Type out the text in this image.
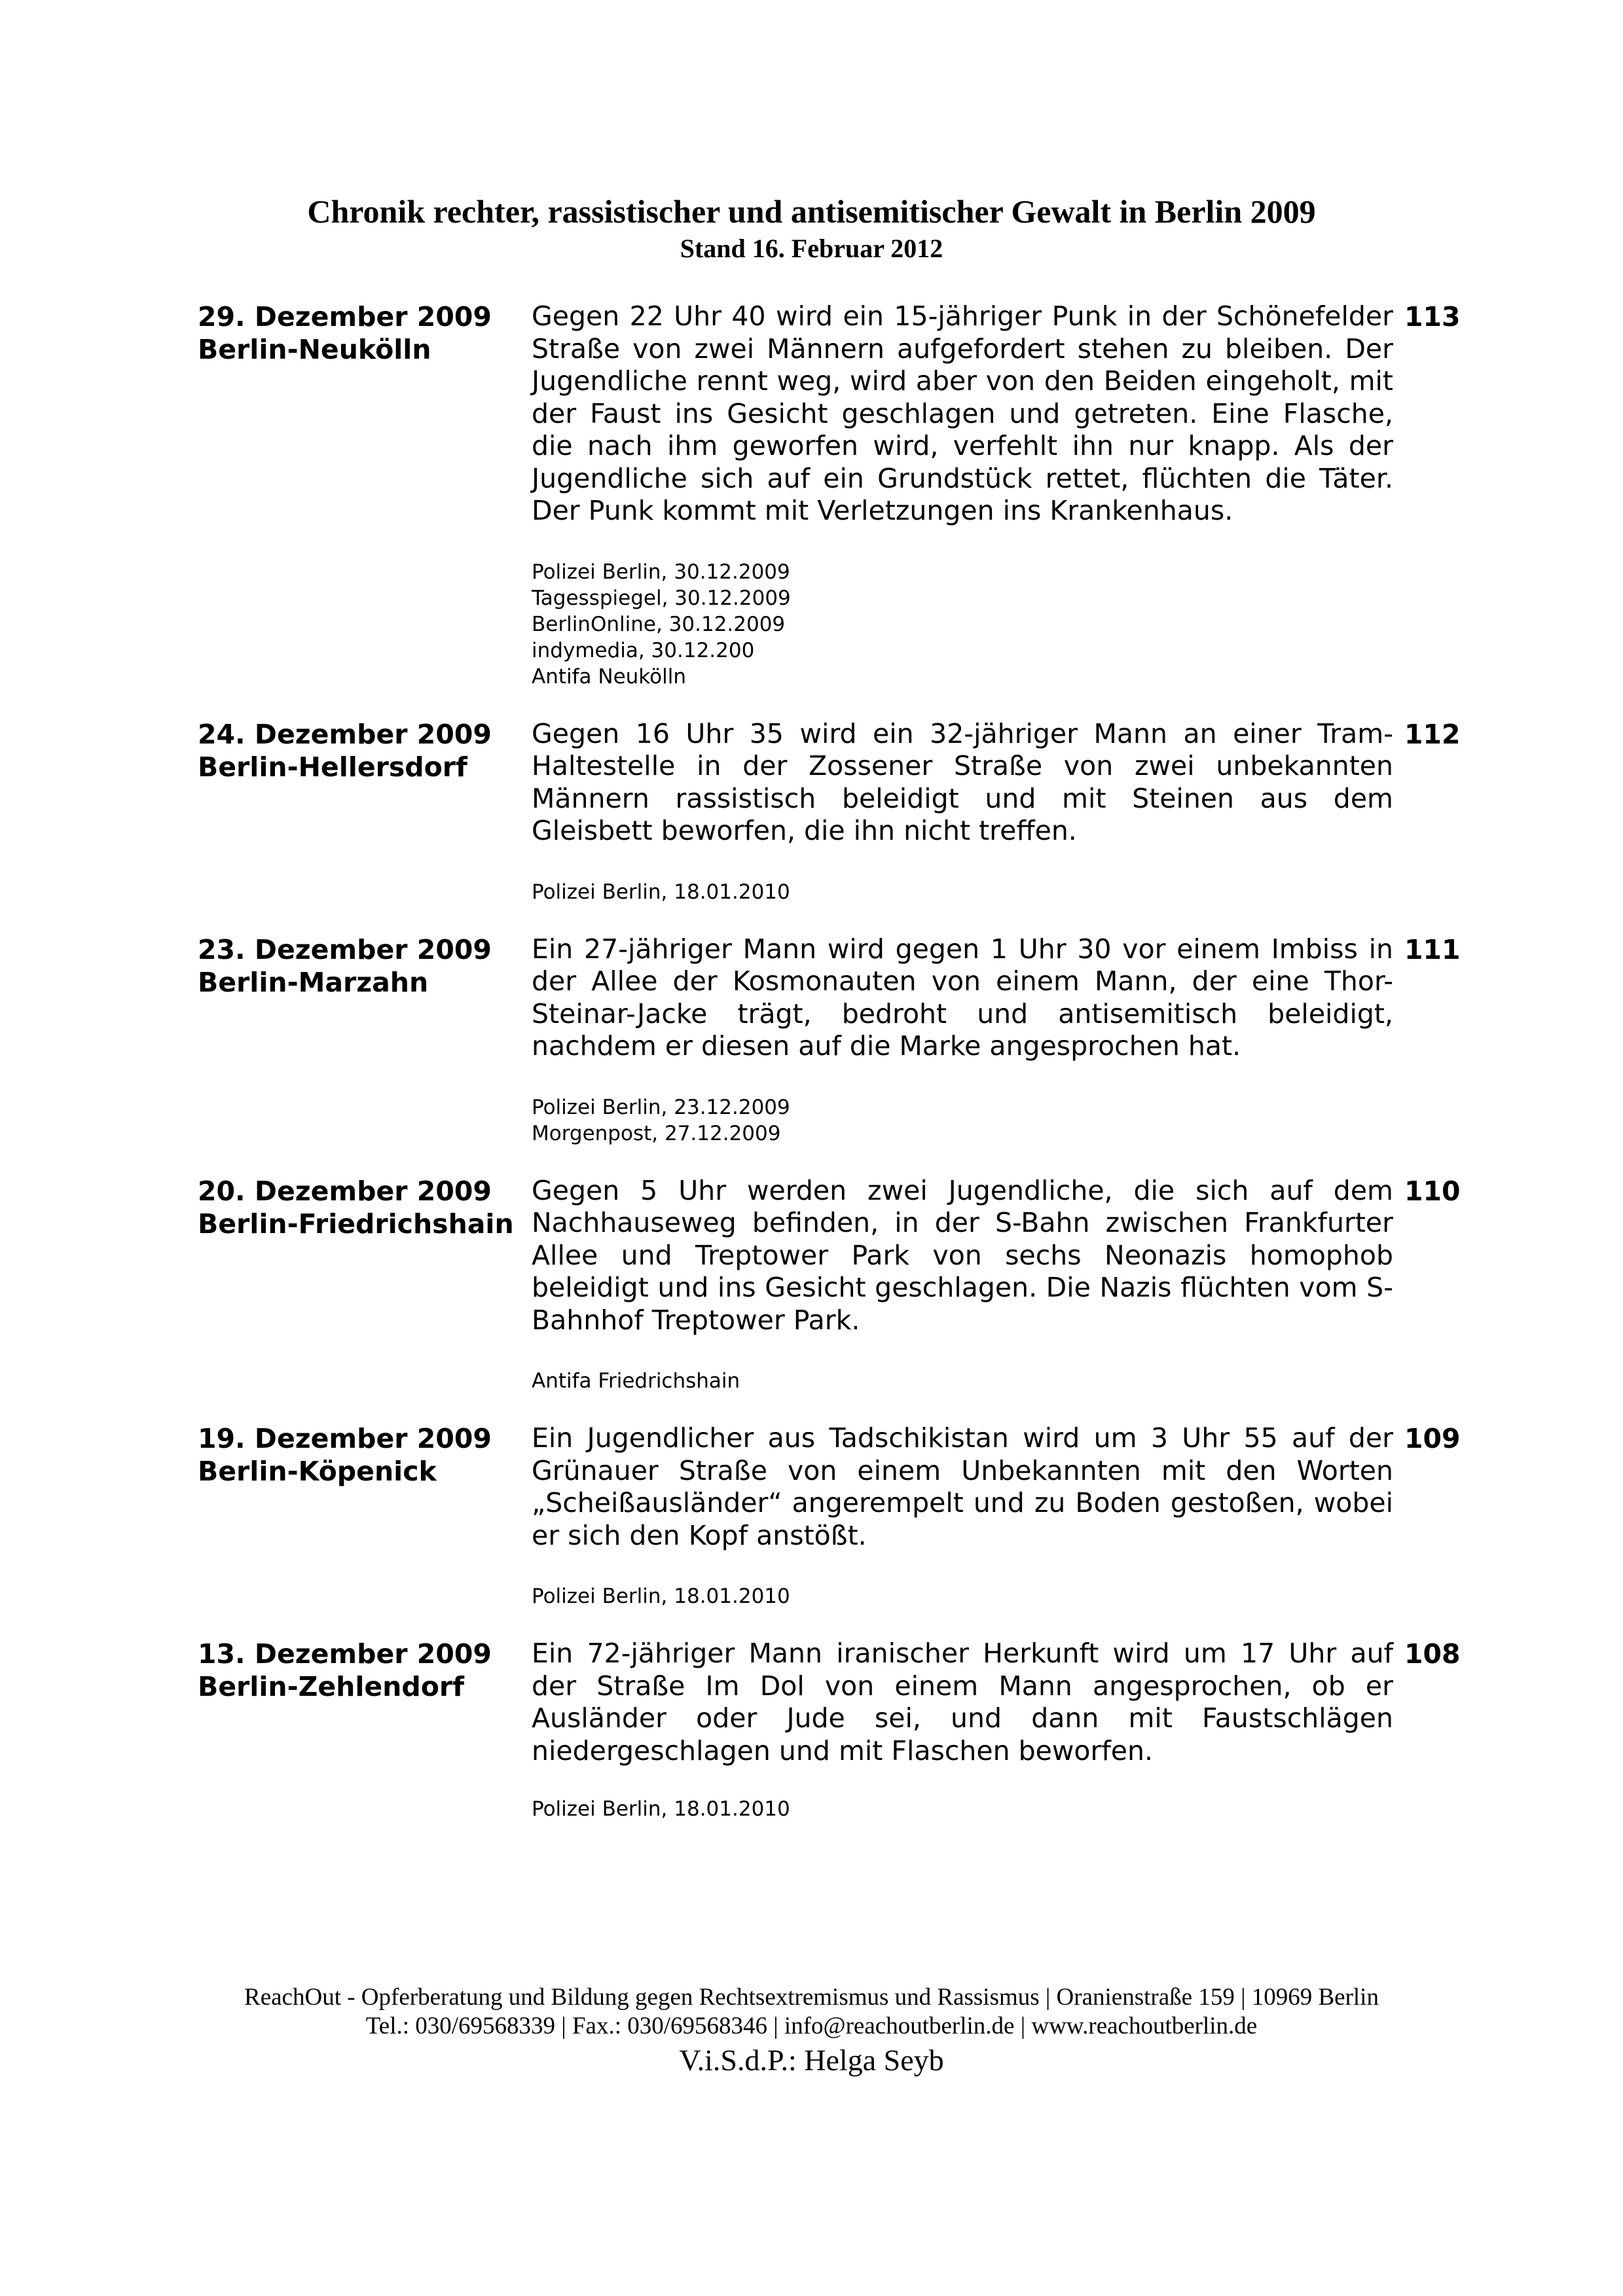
Chronik rechter, rassistischer und antisemitischer Gewalt in Berlin 2009
Stand 16. Februar 2012
29. Dezember 2009
Berlin-Neukölln
Gegen 22 Uhr 40 wird ein 15-jähriger Punk in der Schönefelder Straße von zwei Männern aufgefordert stehen zu bleiben. Der Jugendliche rennt weg, wird aber von den Beiden eingeholt, mit der Faust ins Gesicht geschlagen und getreten. Eine Flasche, die nach ihm geworfen wird, verfehlt ihn nur knapp. Als der Jugendliche sich auf ein Grundstück rettet, flüchten die Täter. Der Punk kommt mit Verletzungen ins Krankenhaus.
Polizei Berlin, 30.12.2009
Tagesspiegel, 30.12.2009
BerlinOnline, 30.12.2009
indymedia, 30.12.200
Antifa Neukölln
113
24. Dezember 2009
Berlin-Hellersdorf
Gegen 16 Uhr 35 wird ein 32-jähriger Mann an einer Tram-Haltestelle in der Zossener Straße von zwei unbekannten Männern rassistisch beleidigt und mit Steinen aus dem Gleisbett beworfen, die ihn nicht treffen.
Polizei Berlin, 18.01.2010
112
23. Dezember 2009
Berlin-Marzahn
Ein 27-jähriger Mann wird gegen 1 Uhr 30 vor einem Imbiss in der Allee der Kosmonauten von einem Mann, der eine Thor-Steinar-Jacke trägt, bedroht und antisemitisch beleidigt, nachdem er diesen auf die Marke angesprochen hat.
Polizei Berlin, 23.12.2009
Morgenpost, 27.12.2009
111
20. Dezember 2009
Berlin-Friedrichshain
Gegen 5 Uhr werden zwei Jugendliche, die sich auf dem Nachhauseweg befinden, in der S-Bahn zwischen Frankfurter Allee und Treptower Park von sechs Neonazis homophob beleidigt und ins Gesicht geschlagen. Die Nazis flüchten vom S-Bahnhof Treptower Park.
Antifa Friedrichshain
110
19. Dezember 2009
Berlin-Köpenick
Ein Jugendlicher aus Tadschikistan wird um 3 Uhr 55 auf der Grünauer Straße von einem Unbekannten mit den Worten „Scheißausländer“ angerempelt und zu Boden gestoßen, wobei er sich den Kopf anstößt.
Polizei Berlin, 18.01.2010
109
13. Dezember 2009
Berlin-Zehlendorf
Ein 72-jähriger Mann iranischer Herkunft wird um 17 Uhr auf der Straße Im Dol von einem Mann angesprochen, ob er Ausländer oder Jude sei, und dann mit Faustschlägen niedergeschlagen und mit Flaschen beworfen.
Polizei Berlin, 18.01.2010
108
ReachOut - Opferberatung und Bildung gegen Rechtsextremismus und Rassismus | Oranienstraße 159 | 10969 Berlin
Tel.: 030/69568339 | Fax.: 030/69568346 | info@reachoutberlin.de | www.reachoutberlin.de
V.i.S.d.P.: Helga Seyb
